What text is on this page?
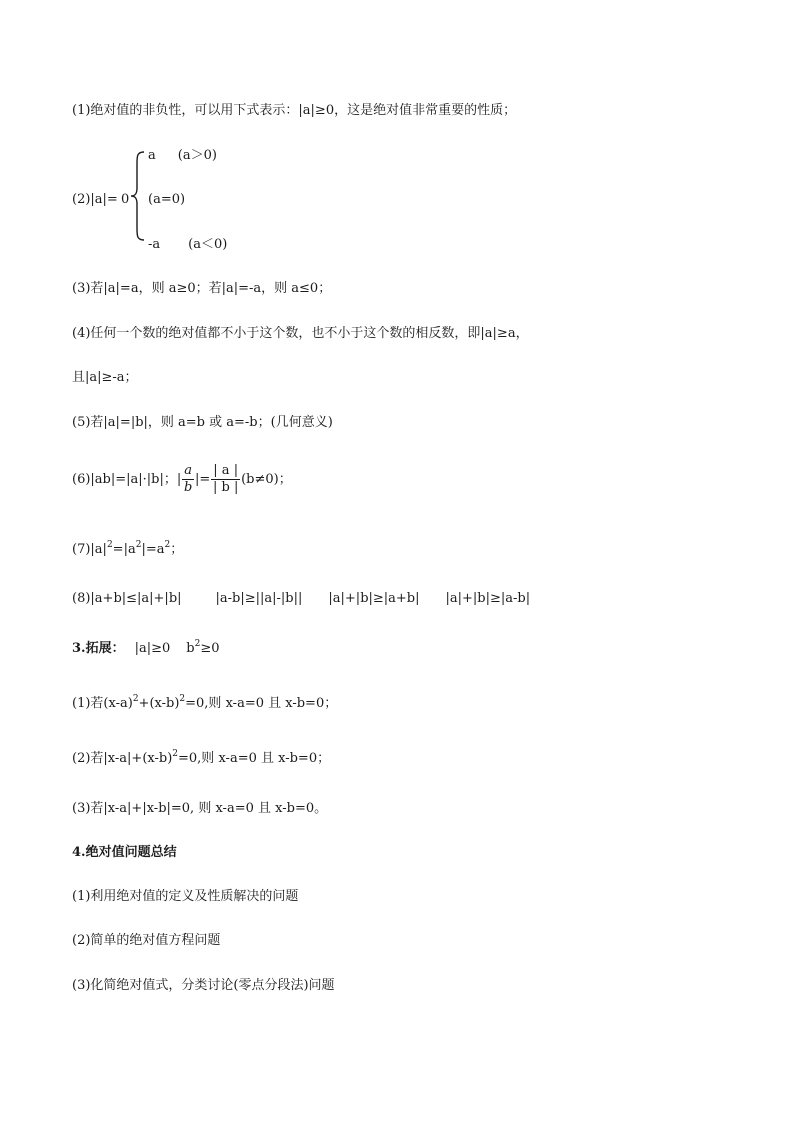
(1)绝对值的非负性，可以用下式表示：|a|≥0，这是绝对值非常重要的性质；
(2)|a|= 0
a (a＞0)
(a=0)
-a (a＜0)
(3)若|a|=a，则 a≥0；若|a|=-a，则 a≤0；
(4)任何一个数的绝对值都不小于这个数，也不小于这个数的相反数，即|a|≥a，
且|a|≥-a；
(5)若|a|=|b|，则 a=b 或 a=-b；(几何意义)
(6)|ab|=|a|·|b|；| $\frac{a}{b}$ |= $\frac{| a |}{| b |} (b\ne 0)$；
$(7)|a|^2=|a^2|=a^2$；
(8)|a+b|≤|a|+|b|	|a-b|≥||a|-|b|| |a|+|b|≥|a+b| |a|+|b|≥|a-b|
3.拓展： |a|≥0 $b^2\ge 0$
(1)若$(x-a)^2+(x-b)^2=0$,则 x-a=0 且 x-b=0；
(2)若$|x-a|+(x-b)^2=0$,则 x-a=0 且 x-b=0；
(3)若|x-a|+|x-b|=0, 则 x-a=0 且 x-b=0。
4.绝对值问题总结
(1)利用绝对值的定义及性质解决的问题
(2)简单的绝对值方程问题
(3)化简绝对值式，分类讨论(零点分段法)问题
